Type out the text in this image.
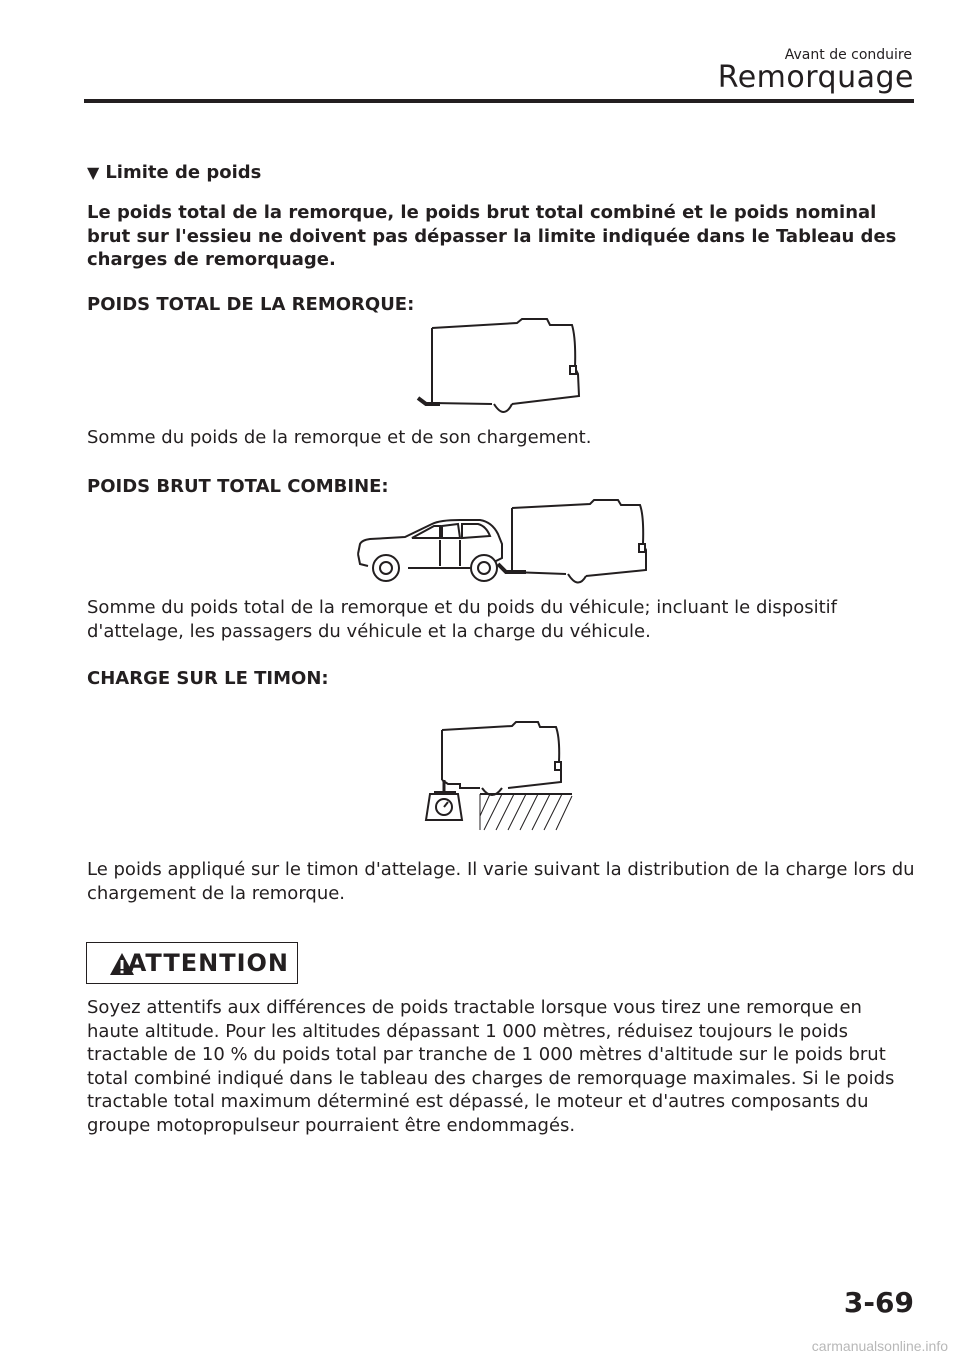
Avant de conduire
Remorquage
▼ Limite de poids
Le poids total de la remorque, le poids brut total combiné et le poids nominal brut sur l'essieu ne doivent pas dépasser la limite indiquée dans le Tableau des charges de remorquage.
POIDS TOTAL DE LA REMORQUE:
Somme du poids de la remorque et de son chargement.
POIDS BRUT TOTAL COMBINE:
Somme du poids total de la remorque et du poids du véhicule; incluant le dispositif d'attelage, les passagers du véhicule et la charge du véhicule.
CHARGE SUR LE TIMON:
Le poids appliqué sur le timon d'attelage. Il varie suivant la distribution de la charge lors du chargement de la remorque.
ATTENTION
Soyez attentifs aux différences de poids tractable lorsque vous tirez une remorque en haute altitude. Pour les altitudes dépassant 1 000 mètres, réduisez toujours le poids tractable de 10 % du poids total par tranche de 1 000 mètres d'altitude sur le poids brut total combiné indiqué dans le tableau des charges de remorquage maximales. Si le poids tractable total maximum déterminé est dépassé, le moteur et d'autres composants du groupe motopropulseur pourraient être endommagés.
3-69
carmanualsonline.info
